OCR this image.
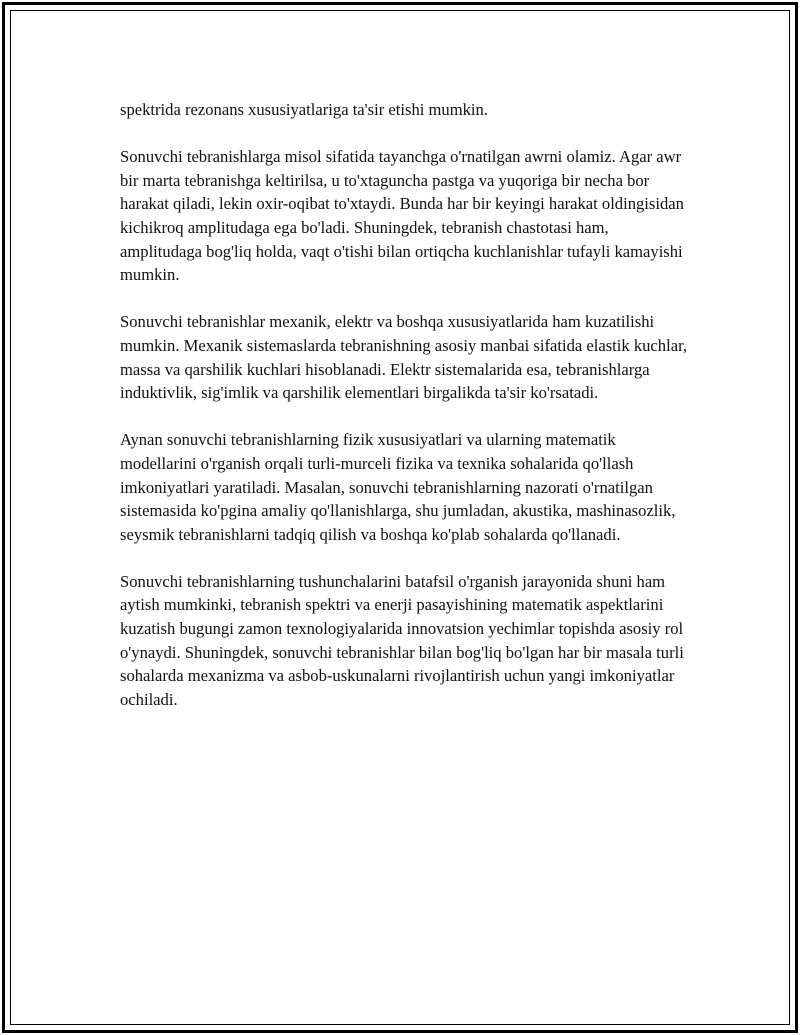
spektrida rezonans xususiyatlariga ta'sir etishi mumkin.

Sonuvchi tebranishlarga misol sifatida tayanchga o'rnatilgan awrni olamiz. Agar awr bir marta tebranishga keltirilsa, u to'xtaguncha pastga va yuqoriga bir necha bor harakat qiladi, lekin oxir-oqibat to'xtaydi. Bunda har bir keyingi harakat oldingisidan kichikroq amplitudaga ega bo'ladi. Shuningdek, tebranish chastotasi ham, amplitudaga bog'liq holda, vaqt o'tishi bilan ortiqcha kuchlanishlar tufayli kamayishi mumkin.

Sonuvchi tebranishlar mexanik, elektr va boshqa xususiyatlarida ham kuzatilishi mumkin. Mexanik sistemaslarda tebranishning asosiy manbai sifatida elastik kuchlar, massa va qarshilik kuchlari hisoblanadi. Elektr sistemalarida esa, tebranishlarga induktivlik, sig'imlik va qarshilik elementlari birgalikda ta'sir ko'rsatadi.

Aynan sonuvchi tebranishlarning fizik xususiyatlari va ularning matematik modellarini o'rganish orqali turli-murceli fizika va texnika sohalarida qo'llash imkoniyatlari yaratiladi. Masalan, sonuvchi tebranishlarning nazorati o'rnatilgan sistemasida ko'pgina amaliy qo'llanishlarga, shu jumladan, akustika, mashinasozlik, seysmik tebranishlarni tadqiq qilish va boshqa ko'plab sohalarda qo'llanadi.

Sonuvchi tebranishlarning tushunchalarini batafsil o'rganish jarayonida shuni ham aytish mumkinki, tebranish spektri va enerji pasayishining matematik aspektlarini kuzatish bugungi zamon texnologiyalarida innovatsion yechimlar topishda asosiy rol o'ynaydi. Shuningdek, sonuvchi tebranishlar bilan bog'liq bo'lgan har bir masala turli sohalarda mexanizma va asbob-uskunalarni rivojlantirish uchun yangi imkoniyatlar ochiladi.
